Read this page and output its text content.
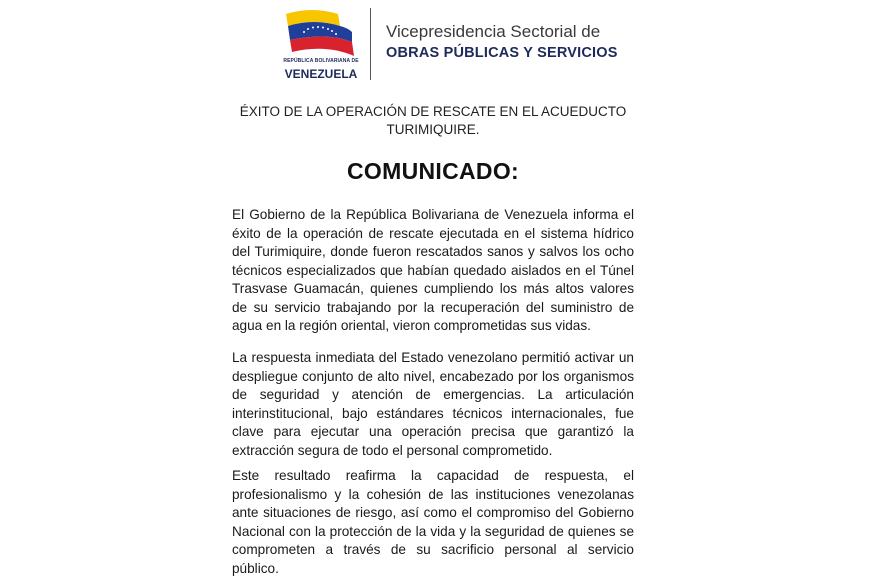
REPÚBLICA BOLIVARIANA DE
VENEZUELA
Vicepresidencia Sectorial de
OBRAS PÚBLICAS Y SERVICIOS
ÉXITO DE LA OPERACIÓN DE RESCATE EN EL ACUEDUCTO
TURIMIQUIRE.
COMUNICADO:
El Gobierno de la República Bolivariana de Venezuela informa el
éxito de la operación de rescate ejecutada en el sistema hídrico
del Turimiquire, donde fueron rescatados sanos y salvos los ocho
técnicos especializados que habían quedado aislados en el Túnel
Trasvase Guamacán, quienes cumpliendo los más altos valores
de su servicio trabajando por la recuperación del suministro de
agua en la región oriental, vieron comprometidas sus vidas.
La respuesta inmediata del Estado venezolano permitió activar un
despliegue conjunto de alto nivel, encabezado por los organismos
de seguridad y atención de emergencias. La articulación
interinstitucional, bajo estándares técnicos internacionales, fue
clave para ejecutar una operación precisa que garantizó la
extracción segura de todo el personal comprometido.
Este resultado reafirma la capacidad de respuesta, el
profesionalismo y la cohesión de las instituciones venezolanas
ante situaciones de riesgo, así como el compromiso del Gobierno
Nacional con la protección de la vida y la seguridad de quienes se
comprometen a través de su sacrificio personal al servicio
público.
